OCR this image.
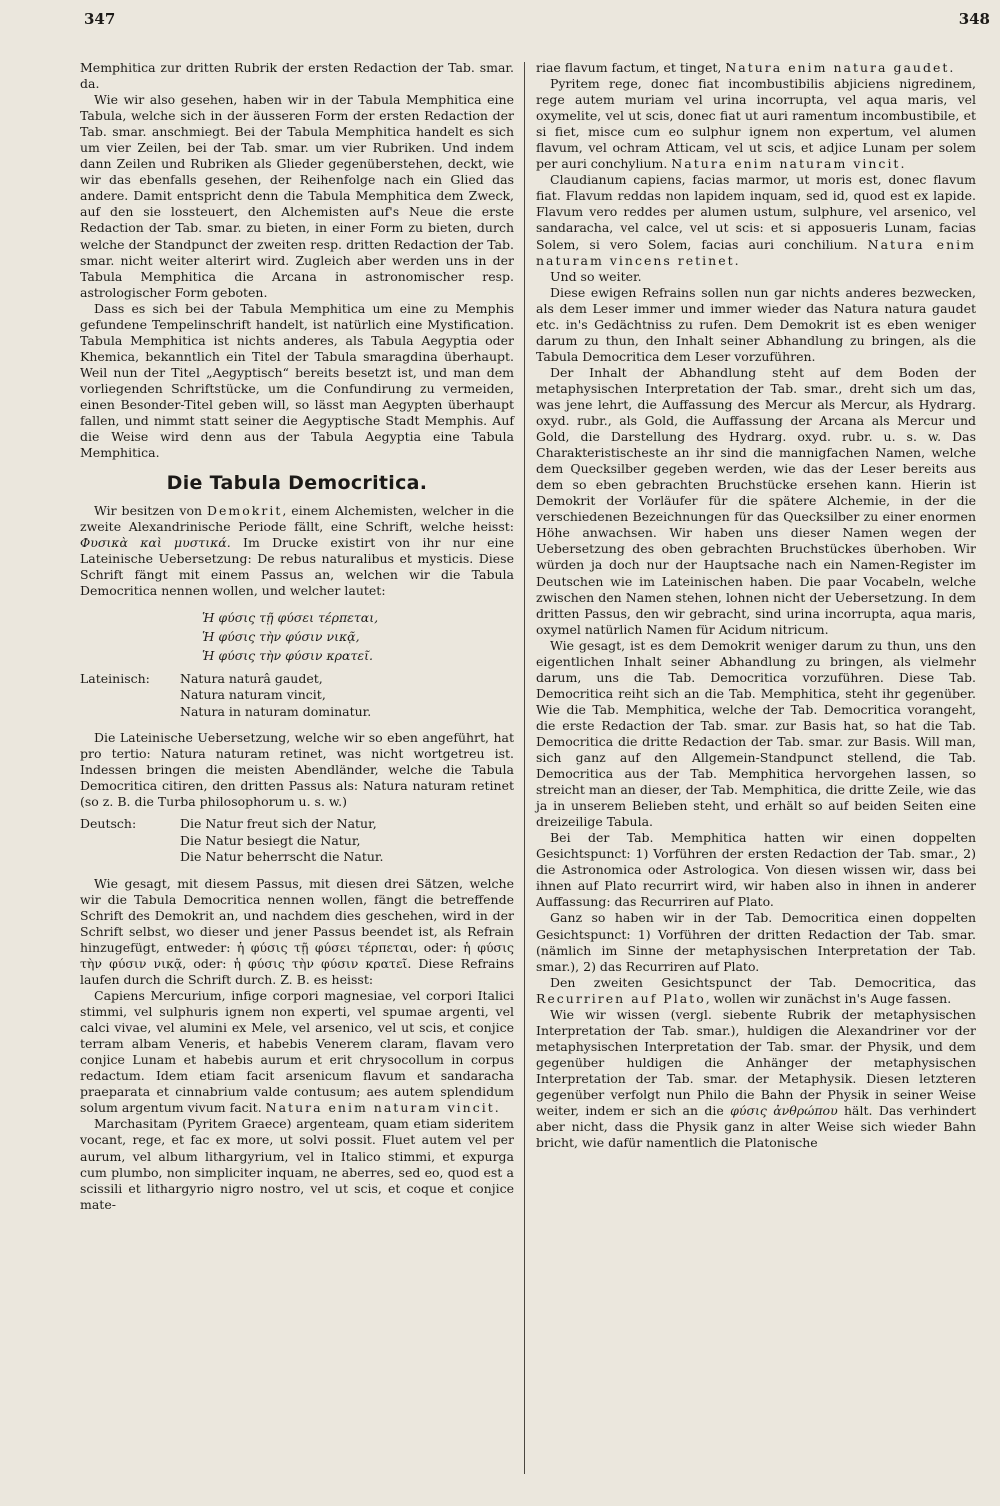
347	348

Memphitica zur dritten Rubrik der ersten Redaction der Tab. smar. da.

Wie wir also gesehen, haben wir in der Tabula Memphitica eine Tabula, welche sich in der äusseren Form der ersten Redaction der Tab. smar. anschmiegt. Bei der Tabula Memphitica handelt es sich um vier Zeilen, bei der Tab. smar. um vier Rubriken. Und indem dann Zeilen und Rubriken als Glieder gegenüberstehen, deckt, wie wir das ebenfalls gesehen, der Reihenfolge nach ein Glied das andere. Damit entspricht denn die Tabula Memphitica dem Zweck, auf den sie lossteuert, den Alchemisten auf's Neue die erste Redaction der Tab. smar. zu bieten, in einer Form zu bieten, durch welche der Standpunct der zweiten resp. dritten Redaction der Tab. smar. nicht weiter alterirt wird. Zugleich aber werden uns in der Tabula Memphitica die Arcana in astronomischer resp. astrologischer Form geboten.

Dass es sich bei der Tabula Memphitica um eine zu Memphis gefundene Tempelinschrift handelt, ist natürlich eine Mystification. Tabula Memphitica ist nichts anderes, als Tabula Aegyptia oder Khemica, bekanntlich ein Titel der Tabula smaragdina überhaupt. Weil nun der Titel „Aegyptisch“ bereits besetzt ist, und man dem vorliegenden Schriftstücke, um die Confundirung zu vermeiden, einen Besonder-Titel geben will, so lässt man Aegypten überhaupt fallen, und nimmt statt seiner die Aegyptische Stadt Memphis. Auf die Weise wird denn aus der Tabula Aegyptia eine Tabula Memphitica.

Die Tabula Democritica.

Wir besitzen von Demokrit, einem Alchemisten, welcher in die zweite Alexandrinische Periode fällt, eine Schrift, welche heisst: Φυσικὰ καὶ μυστικά. Im Drucke existirt von ihr nur eine Lateinische Uebersetzung: De rebus naturalibus et mysticis. Diese Schrift fängt mit einem Passus an, welchen wir die Tabula Democritica nennen wollen, und welcher lautet:

Ἡ φύσις τῇ φύσει τέρπεται,
Ἡ φύσις τὴν φύσιν νικᾷ,
Ἡ φύσις τὴν φύσιν κρατεῖ.
Lateinisch:	Natura naturâ gaudet,
Natura naturam vincit,
Natura in naturam dominatur.

Die Lateinische Uebersetzung, welche wir so eben angeführt, hat pro tertio: Natura naturam retinet, was nicht wortgetreu ist. Indessen bringen die meisten Abendländer, welche die Tabula Democritica citiren, den dritten Passus als: Natura naturam retinet (so z. B. die Turba philosophorum u. s. w.)

Deutsch:	Die Natur freut sich der Natur,
Die Natur besiegt die Natur,
Die Natur beherrscht die Natur.

Wie gesagt, mit diesem Passus, mit diesen drei Sätzen, welche wir die Tabula Democritica nennen wollen, fängt die betreffende Schrift des Demokrit an, und nachdem dies geschehen, wird in der Schrift selbst, wo dieser und jener Passus beendet ist, als Refrain hinzugefügt, entweder: ἡ φύσις τῇ φύσει τέρπεται, oder: ἡ φύσις τὴν φύσιν νικᾷ, oder: ἡ φύσις τὴν φύσιν κρατεῖ. Diese Refrains laufen durch die Schrift durch. Z. B. es heisst:

Capiens Mercurium, infige corpori magnesiae, vel corpori Italici stimmi, vel sulphuris ignem non experti, vel spumae argenti, vel calci vivae, vel alumini ex Mele, vel arsenico, vel ut scis, et conjice terram albam Veneris, et habebis Venerem claram, flavam vero conjice Lunam et habebis aurum et erit chrysocollum in corpus redactum. Idem etiam facit arsenicum flavum et sandaracha praeparata et cinnabrium valde contusum; aes autem splendidum solum argentum vivum facit. Natura enim naturam vincit.

Marchasitam (Pyritem Graece) argenteam, quam etiam sideritem vocant, rege, et fac ex more, ut solvi possit. Fluet autem vel per aurum, vel album lithargyrium, vel in Italico stimmi, et expurga cum plumbo, non simpliciter inquam, ne aberres, sed eo, quod est a scissili et lithargyrio nigro nostro, vel ut scis, et coque et conjice mate-

riae flavum factum, et tinget, Natura enim natura gaudet.

Pyritem rege, donec fiat incombustibilis abjiciens nigredinem, rege autem muriam vel urina incorrupta, vel aqua maris, vel oxymelite, vel ut scis, donec fiat ut auri ramentum incombustibile, et si fiet, misce cum eo sulphur ignem non expertum, vel alumen flavum, vel ochram Atticam, vel ut scis, et adjice Lunam per solem per auri conchylium. Natura enim naturam vincit.

Claudianum capiens, facias marmor, ut moris est, donec flavum fiat. Flavum reddas non lapidem inquam, sed id, quod est ex lapide. Flavum vero reddes per alumen ustum, sulphure, vel arsenico, vel sandaracha, vel calce, vel ut scis: et si apposueris Lunam, facias Solem, si vero Solem, facias auri conchilium. Natura enim naturam vincens retinet.

Und so weiter.

Diese ewigen Refrains sollen nun gar nichts anderes bezwecken, als dem Leser immer und immer wieder das Natura natura gaudet etc. in's Gedächtniss zu rufen. Dem Demokrit ist es eben weniger darum zu thun, den Inhalt seiner Abhandlung zu bringen, als die Tabula Democritica dem Leser vorzuführen.

Der Inhalt der Abhandlung steht auf dem Boden der metaphysischen Interpretation der Tab. smar., dreht sich um das, was jene lehrt, die Auffassung des Mercur als Mercur, als Hydrarg. oxyd. rubr., als Gold, die Auffassung der Arcana als Mercur und Gold, die Darstellung des Hydrarg. oxyd. rubr. u. s. w. Das Charakteristischeste an ihr sind die mannigfachen Namen, welche dem Quecksilber gegeben werden, wie das der Leser bereits aus dem so eben gebrachten Bruchstücke ersehen kann. Hierin ist Demokrit der Vorläufer für die spätere Alchemie, in der die verschiedenen Bezeichnungen für das Quecksilber zu einer enormen Höhe anwachsen. Wir haben uns dieser Namen wegen der Uebersetzung des oben gebrachten Bruchstückes überhoben. Wir würden ja doch nur der Hauptsache nach ein Namen-Register im Deutschen wie im Lateinischen haben. Die paar Vocabeln, welche zwischen den Namen stehen, lohnen nicht der Uebersetzung. In dem dritten Passus, den wir gebracht, sind urina incorrupta, aqua maris, oxymel natürlich Namen für Acidum nitricum.

Wie gesagt, ist es dem Demokrit weniger darum zu thun, uns den eigentlichen Inhalt seiner Abhandlung zu bringen, als vielmehr darum, uns die Tab. Democritica vorzuführen. Diese Tab. Democritica reiht sich an die Tab. Memphitica, steht ihr gegenüber. Wie die Tab. Memphitica, welche der Tab. Democritica vorangeht, die erste Redaction der Tab. smar. zur Basis hat, so hat die Tab. Democritica die dritte Redaction der Tab. smar. zur Basis. Will man, sich ganz auf den Allgemein-Standpunct stellend, die Tab. Democritica aus der Tab. Memphitica hervorgehen lassen, so streicht man an dieser, der Tab. Memphitica, die dritte Zeile, wie das ja in unserem Belieben steht, und erhält so auf beiden Seiten eine dreizeilige Tabula.

Bei der Tab. Memphitica hatten wir einen doppelten Gesichtspunct: 1) Vorführen der ersten Redaction der Tab. smar., 2) die Astronomica oder Astrologica. Von diesen wissen wir, dass bei ihnen auf Plato recurrirt wird, wir haben also in ihnen in anderer Auffassung: das Recurriren auf Plato.

Ganz so haben wir in der Tab. Democritica einen doppelten Gesichtspunct: 1) Vorführen der dritten Redaction der Tab. smar. (nämlich im Sinne der metaphysischen Interpretation der Tab. smar.), 2) das Recurriren auf Plato.

Den zweiten Gesichtspunct der Tab. Democritica, das Recurriren auf Plato, wollen wir zunächst in's Auge fassen.

Wie wir wissen (vergl. siebente Rubrik der metaphysischen Interpretation der Tab. smar.), huldigen die Alexandriner vor der metaphysischen Interpretation der Tab. smar. der Physik, und dem gegenüber huldigen die Anhänger der metaphysischen Interpretation der Tab. smar. der Metaphysik. Diesen letzteren gegenüber verfolgt nun Philo die Bahn der Physik in seiner Weise weiter, indem er sich an die φύσις ἀνθρώπου hält. Das verhindert aber nicht, dass die Physik ganz in alter Weise sich wieder Bahn bricht, wie dafür namentlich die Platonische
